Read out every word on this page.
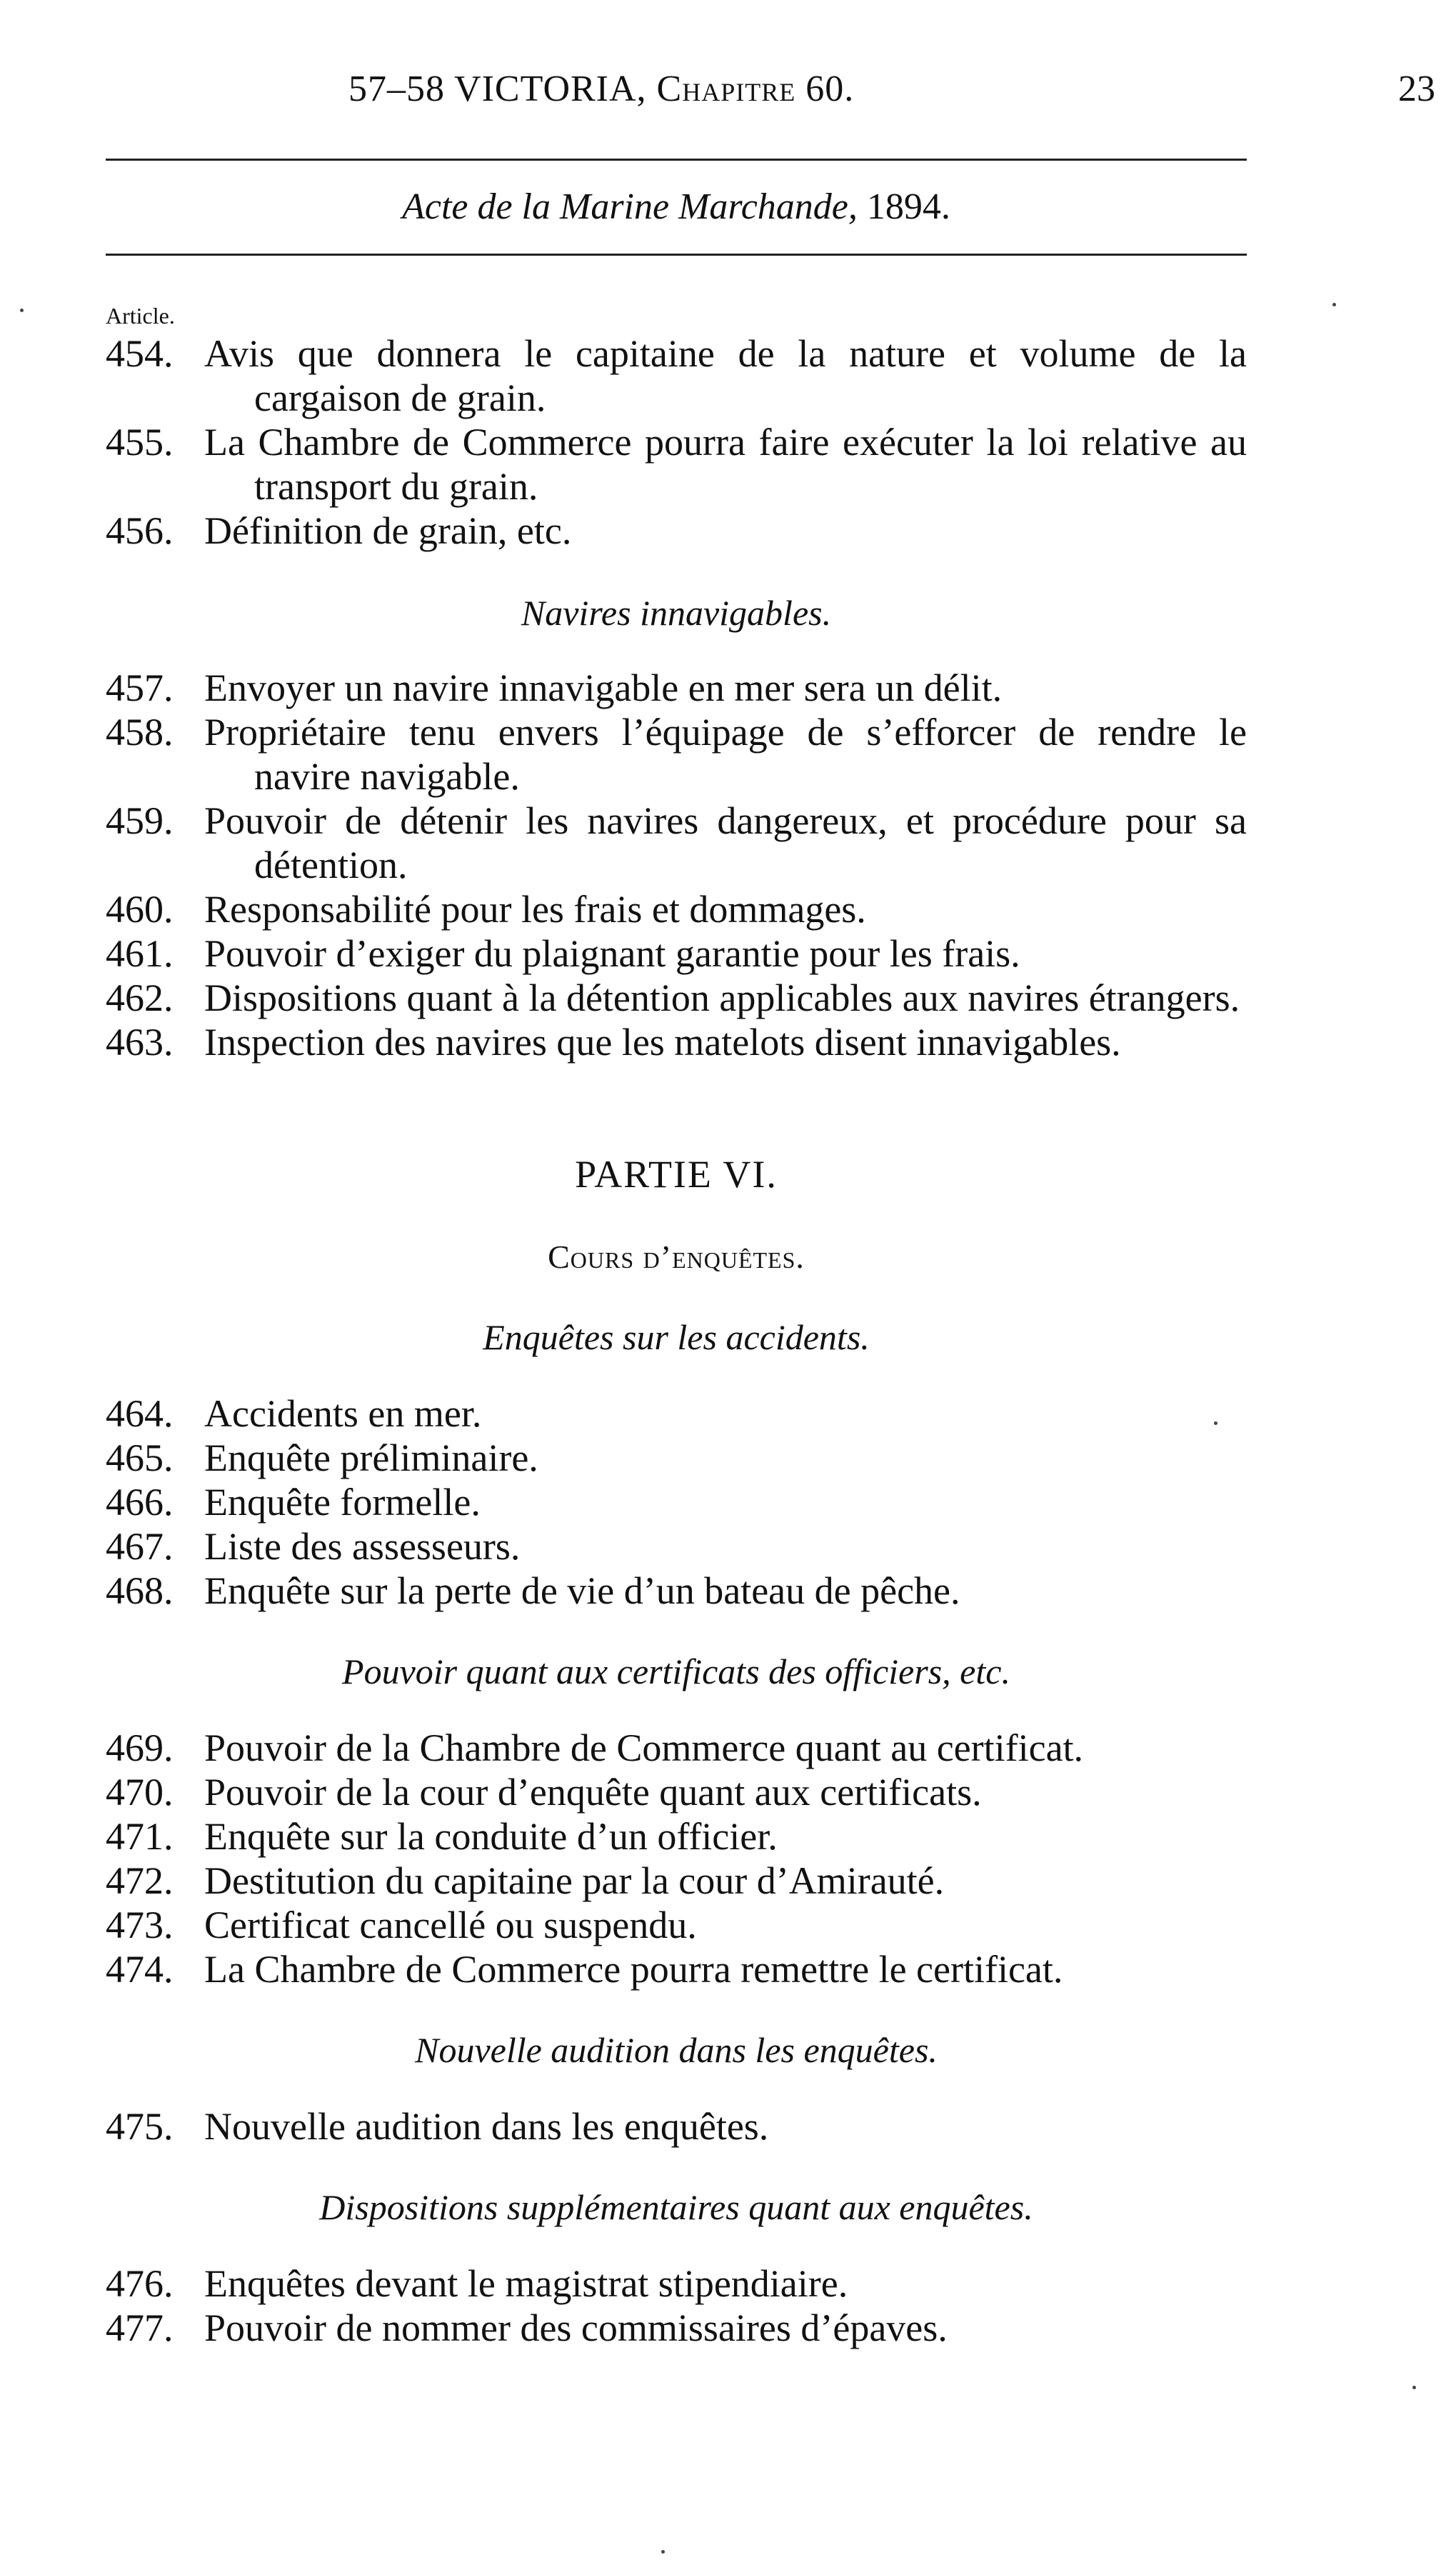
57–58 VICTORIA, Chapitre 60.	23
Acte de la Marine Marchande, 1894.
Article.
454. Avis que donnera le capitaine de la nature et volume de la cargaison de grain.
455. La Chambre de Commerce pourra faire exécuter la loi relative au transport du grain.
456. Définition de grain, etc.
Navires innavigables.
457. Envoyer un navire innavigable en mer sera un délit.
458. Propriétaire tenu envers l’équipage de s’efforcer de rendre le navire navigable.
459. Pouvoir de détenir les navires dangereux, et procédure pour sa détention.
460. Responsabilité pour les frais et dommages.
461. Pouvoir d’exiger du plaignant garantie pour les frais.
462. Dispositions quant à la détention applicables aux navires étrangers.
463. Inspection des navires que les matelots disent innavigables.
PARTIE VI.
Cours d’enquêtes.
Enquêtes sur les accidents.
464. Accidents en mer.
465. Enquête préliminaire.
466. Enquête formelle.
467. Liste des assesseurs.
468. Enquête sur la perte de vie d’un bateau de pêche.
Pouvoir quant aux certificats des officiers, etc.
469. Pouvoir de la Chambre de Commerce quant au certificat.
470. Pouvoir de la cour d’enquête quant aux certificats.
471. Enquête sur la conduite d’un officier.
472. Destitution du capitaine par la cour d’Amirauté.
473. Certificat cancellé ou suspendu.
474. La Chambre de Commerce pourra remettre le certificat.
Nouvelle audition dans les enquêtes.
475. Nouvelle audition dans les enquêtes.
Dispositions supplémentaires quant aux enquêtes.
476. Enquêtes devant le magistrat stipendiaire.
477. Pouvoir de nommer des commissaires d’épaves.
